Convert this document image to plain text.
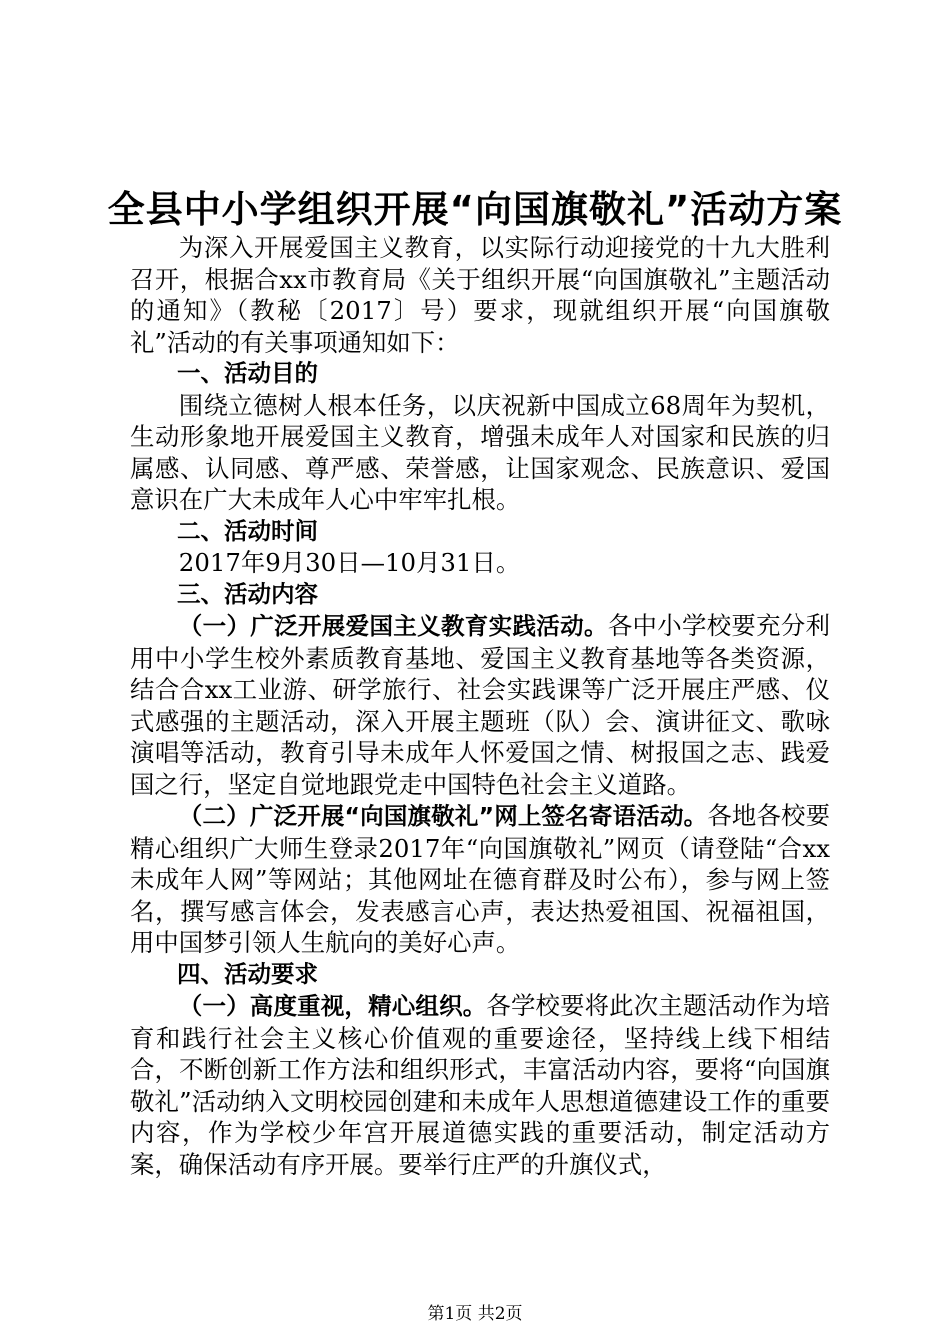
全县中小学组织开展“向国旗敬礼”活动方案

为深入开展爱国主义教育，以实际行动迎接党的十九大胜利召开，根据合xx市教育局《关于组织开展“向国旗敬礼”主题活动的通知》（教秘〔2017〕号）要求，现就组织开展“向国旗敬礼”活动的有关事项通知如下：

一、活动目的

围绕立德树人根本任务，以庆祝新中国成立68周年为契机，生动形象地开展爱国主义教育，增强未成年人对国家和民族的归属感、认同感、尊严感、荣誉感，让国家观念、民族意识、爱国意识在广大未成年人心中牢牢扎根。

二、活动时间

2017年9月30日—10月31日。

三、活动内容

（一）广泛开展爱国主义教育实践活动。各中小学校要充分利用中小学生校外素质教育基地、爱国主义教育基地等各类资源，结合合xx工业游、研学旅行、社会实践课等广泛开展庄严感、仪式感强的主题活动，深入开展主题班（队）会、演讲征文、歌咏演唱等活动，教育引导未成年人怀爱国之情、树报国之志、践爱国之行，坚定自觉地跟党走中国特色社会主义道路。

（二）广泛开展“向国旗敬礼”网上签名寄语活动。各地各校要精心组织广大师生登录2017年“向国旗敬礼”网页（请登陆“合xx未成年人网”等网站；其他网址在德育群及时公布），参与网上签名，撰写感言体会，发表感言心声，表达热爱祖国、祝福祖国，用中国梦引领人生航向的美好心声。

四、活动要求

（一）高度重视，精心组织。各学校要将此次主题活动作为培育和践行社会主义核心价值观的重要途径，坚持线上线下相结合，不断创新工作方法和组织形式，丰富活动内容，要将“向国旗敬礼”活动纳入文明校园创建和未成年人思想道德建设工作的重要内容，作为学校少年宫开展道德实践的重要活动，制定活动方案，确保活动有序开展。要举行庄严的升旗仪式，

第1页 共2页
